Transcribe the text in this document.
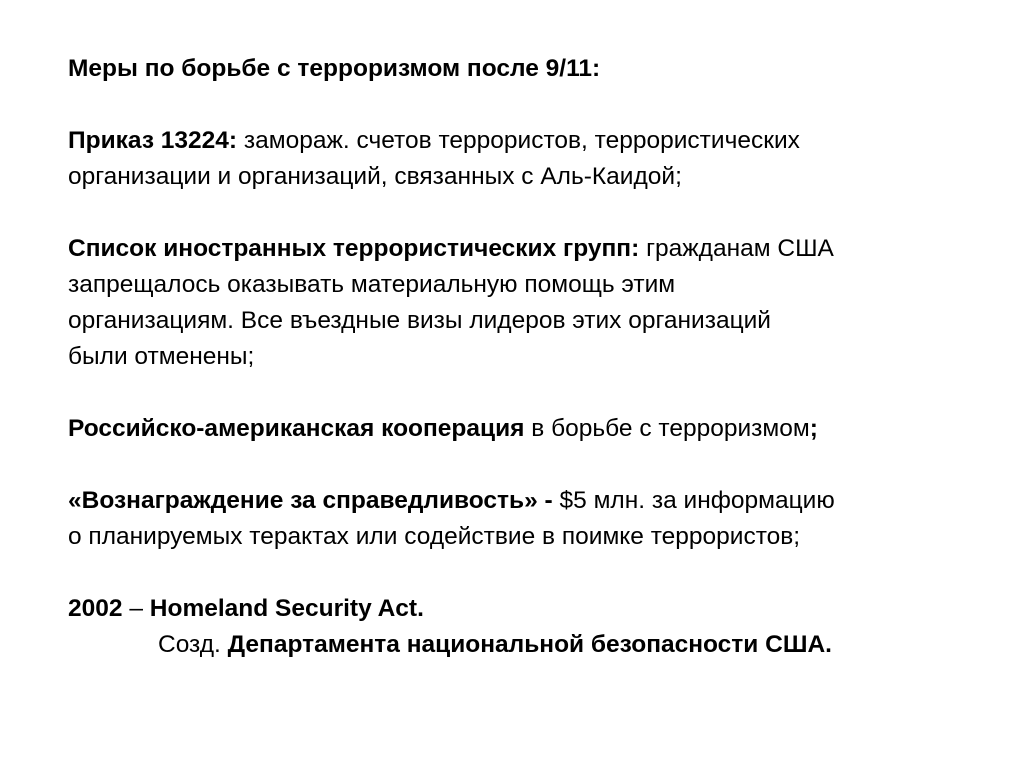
Меры по борьбе с терроризмом после 9/11:
Приказ 13224: замораж. счетов террористов, террористических
организации и организаций, связанных с Аль-Каидой;
Список иностранных террористических групп: гражданам США
запрещалось оказывать материальную помощь этим
организациям. Все въездные визы лидеров этих организаций
были отменены;
Российско-американская кооперация в борьбе с терроризмом;
«Вознаграждение за справедливость» - $5 млн. за информацию
о планируемых терактах или содействие в поимке террористов;
2002 – Homeland Security Act.
Созд. Департамента национальной безопасности США.
